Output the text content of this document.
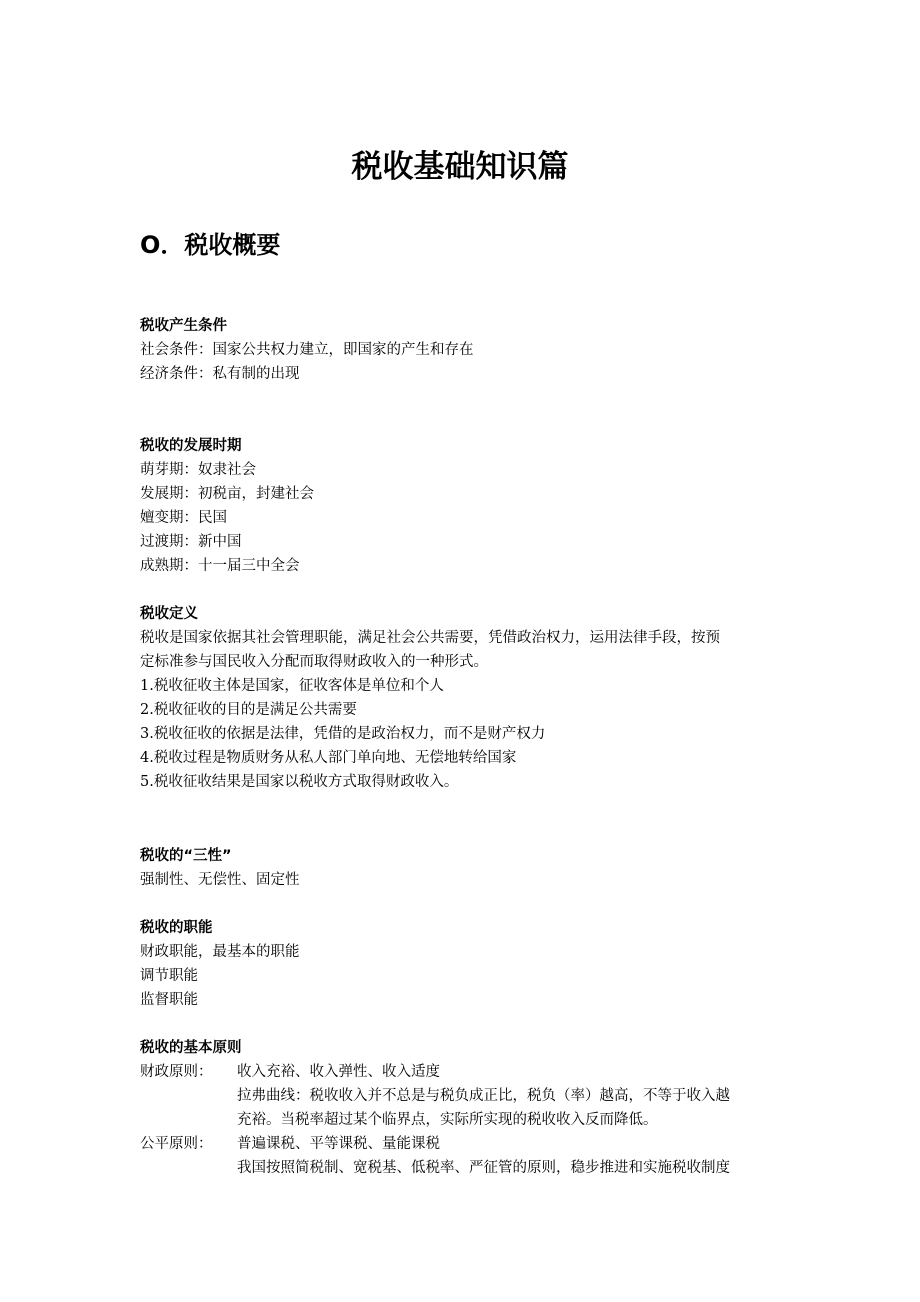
税收基础知识篇
O．税收概要
税收产生条件
社会条件：国家公共权力建立，即国家的产生和存在
经济条件：私有制的出现
税收的发展时期
萌芽期：奴隶社会
发展期：初税亩，封建社会
嬗变期：民国
过渡期：新中国
成熟期：十一届三中全会
税收定义
税收是国家依据其社会管理职能，满足社会公共需要，凭借政治权力，运用法律手段，按预
定标准参与国民收入分配而取得财政收入的一种形式。
1.税收征收主体是国家，征收客体是单位和个人
2.税收征收的目的是满足公共需要
3.税收征收的依据是法律，凭借的是政治权力，而不是财产权力
4.税收过程是物质财务从私人部门单向地、无偿地转给国家
5.税收征收结果是国家以税收方式取得财政收入。
税收的“三性”
强制性、无偿性、固定性
税收的职能
财政职能，最基本的职能
调节职能
监督职能
税收的基本原则
财政原则： 收入充裕、收入弹性、收入适度
拉弗曲线：税收收入并不总是与税负成正比，税负（率）越高，不等于收入越
充裕。当税率超过某个临界点，实际所实现的税收收入反而降低。
公平原则： 普遍课税、平等课税、量能课税
我国按照简税制、宽税基、低税率、严征管的原则，稳步推进和实施税收制度
